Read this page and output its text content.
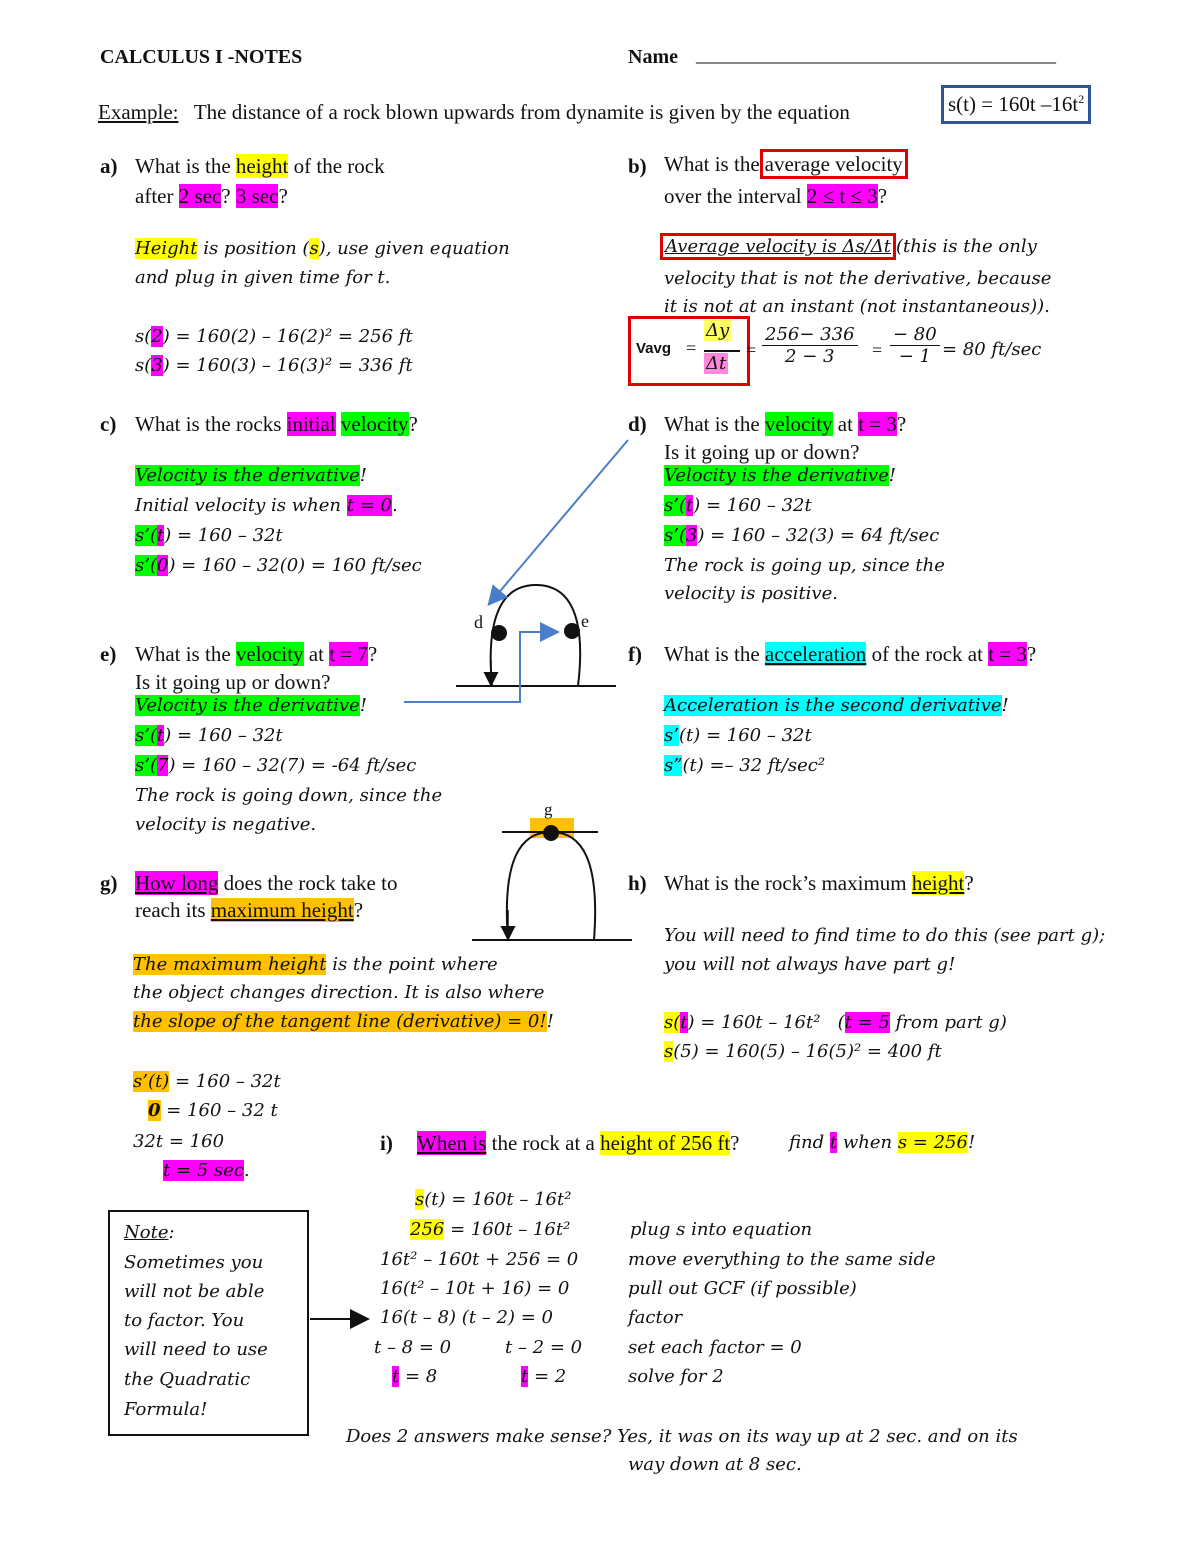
CALCULUS I -NOTES	Name ____________________________________
Example: The distance of a rock blown upwards from dynamite is given by the equation	s(t) = 160t $-16t^2$
a) What is the height of the rock
after 2 sec? 3 sec?
Height is position (s), use given equation
and plug in given time for t.
s(2) = 160(2) – 16(2)² = 256 ft
s(3) = 160(3) – 16(3)² = 336 ft
b) What is the average velocity
over the interval 2 ≤ t ≤ 3?
Average velocity is Δs/Δt (this is the only
velocity that is not the derivative, because
it is not at an instant (not instantaneous)).
Vavg =
Δy
Δt
= $\frac{256- 336}{2 - 3} = \frac{- 80}{- 1} = 80$ ft/sec
c) What is the rocks initial velocity?
Velocity is the derivative!
Initial velocity is when t = 0.
s’(t) = 160 – 32t
s’(0) = 160 – 32(0) = 160 ft/sec
d) What is the velocity at t = 3?
Is it going up or down?
Velocity is the derivative!
s’(t) = 160 – 32t
s’(3) = 160 – 32(3) = 64 ft/sec
The rock is going up, since the
velocity is positive.
d	e
g
e) What is the velocity at t = 7?
Is it going up or down?
Velocity is the derivative!
s’(t) = 160 – 32t
s’(7) = 160 – 32(7) = -64 ft/sec
The rock is going down, since the
velocity is negative.
f) What is the acceleration of the rock at t = 3?
Acceleration is the second derivative!
s’(t) = 160 – 32t
s”(t) =– 32 ft/sec²
g) How long does the rock take to
reach its maximum height?
The maximum height is the point where
the object changes direction. It is also where
the slope of the tangent line (derivative) = 0!!
s’(t) = 160 – 32t
0 = 160 – 32 t
32t = 160
t = 5 sec.
h) What is the rock’s maximum height?
You will need to find time to do this (see part g);
you will not always have part g!
s(t) = 160t – 16t² (t = 5 from part g)
s(5) = 160(5) – 16(5)² = 400 ft
i) When is the rock at a height of 256 ft?	find t when s = 256!
s(t) = 160t – 16t²
256 = 160t – 16t²	plug s into equation
16t² – 160t + 256 = 0	move everything to the same side
16(t² – 10t + 16) = 0	pull out GCF (if possible)
16(t – 8) (t – 2) = 0	factor
t – 8 = 0	t – 2 = 0	set each factor = 0
t = 8	t = 2	solve for 2
Does 2 answers make sense? Yes, it was on its way up at 2 sec. and on its
way down at 8 sec.
Note:
Sometimes you
will not be able
to factor. You
will need to use
the Quadratic
Formula!
